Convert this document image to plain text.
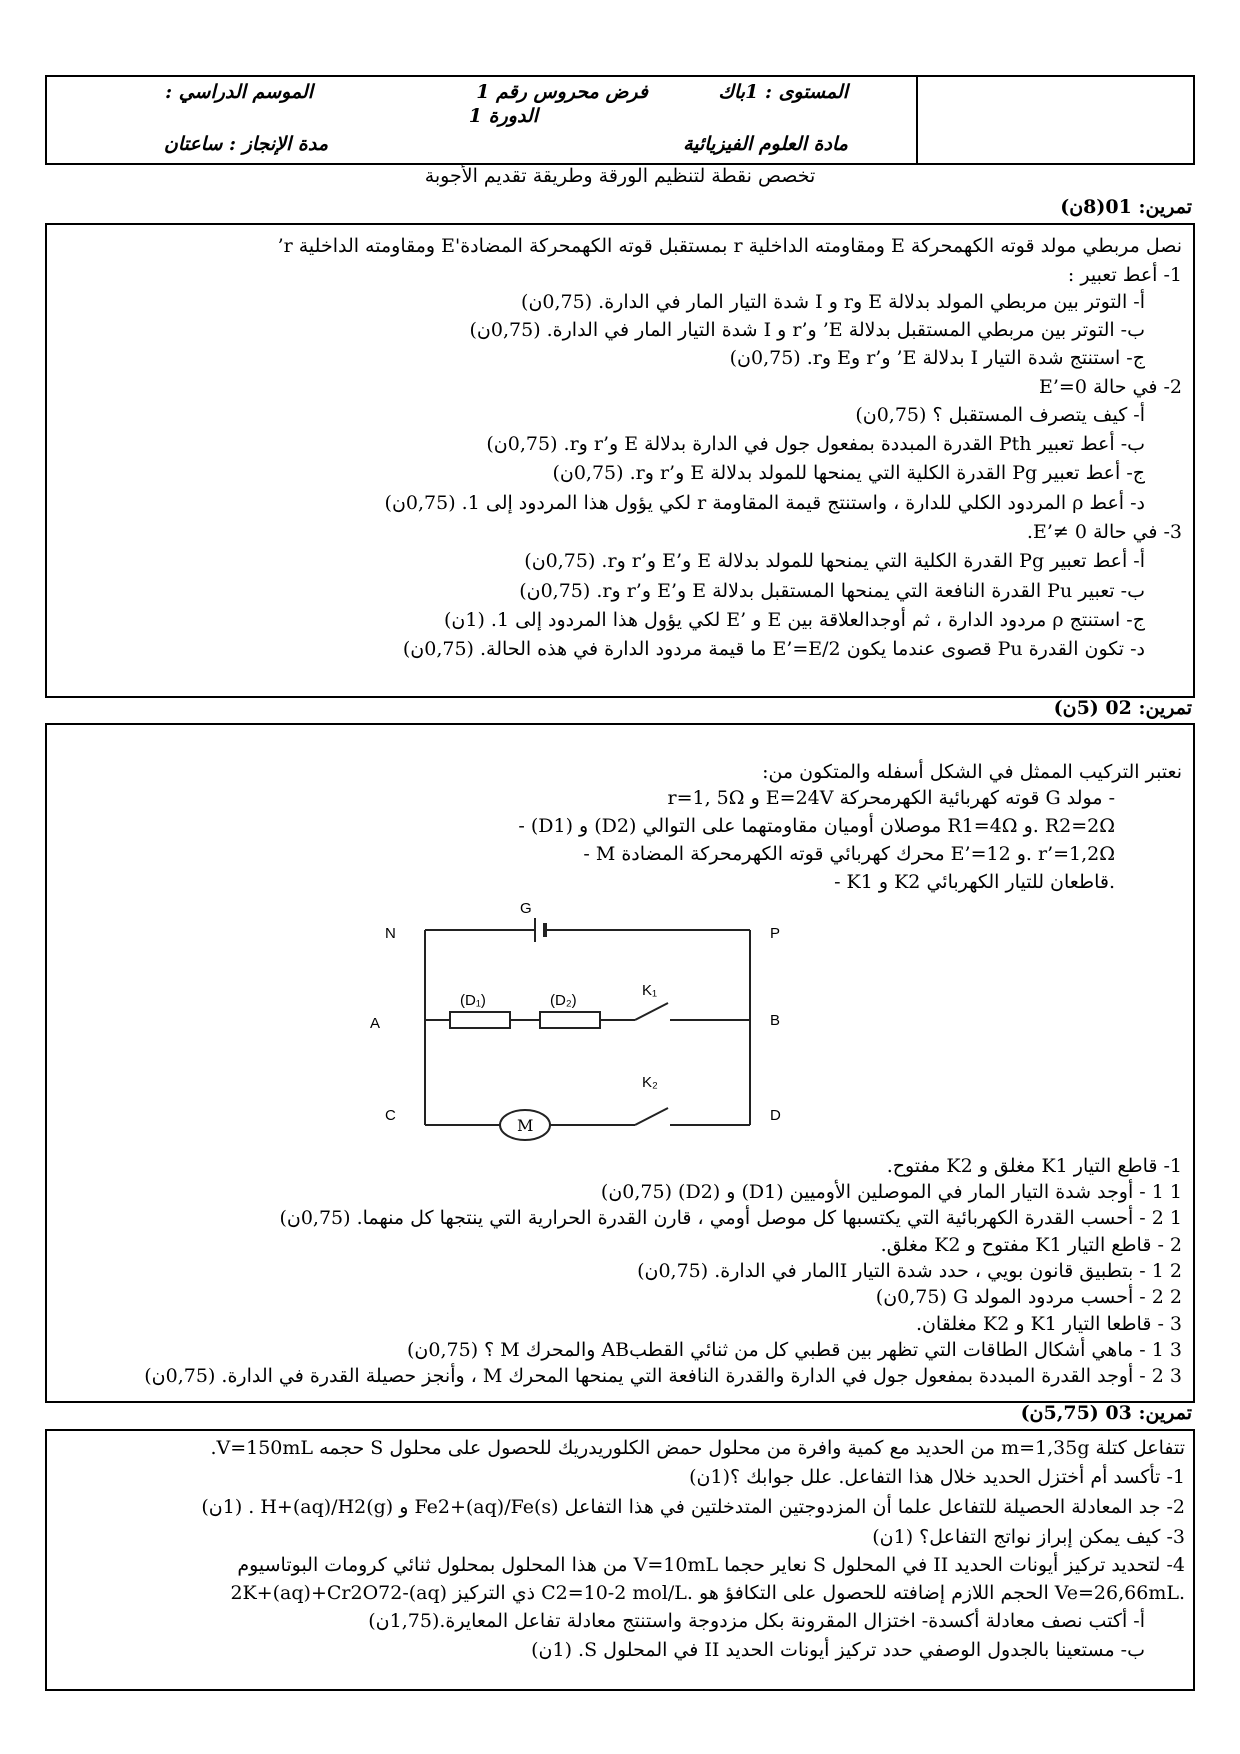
المستوى : 1باك
مادة العلوم الفيزيائية
فرض محروس رقم 1
الدورة 1
الموسم الدراسي :
مدة الإنجاز : ساعتان
تخصص نقطة لتنظيم الورقة وطريقة تقديم الأجوبة
تمرين: 01(8ن)
نصل مربطي مولد قوته الكهمحركة E ومقاومته الداخلية r بمستقبل قوته الكهمحركة المضادة'E ومقاومته الداخلية r’
1- أعط تعبير :
أ- التوتر بين مربطي المولد بدلالة E وr و I شدة التيار المار في الدارة. (0,75ن)
ب- التوتر بين مربطي المستقبل بدلالة E’ و’r و I شدة التيار المار في الدارة. (0,75ن)
ج- استنتج شدة التيار I بدلالة E’ و’r وE وr. (0,75ن)
2- في حالة E’=0
أ- كيف يتصرف المستقبل ؟ (0,75ن)
ب- أعط تعبير Pth القدرة المبددة بمفعول جول في الدارة بدلالة E و’r وr. (0,75ن)
ج- أعط تعبير Pg القدرة الكلية التي يمنحها للمولد بدلالة E و’r وr. (0,75ن)
د- أعط ρ المردود الكلي للدارة ، واستنتج قيمة المقاومة r لكي يؤول هذا المردود إلى 1. (0,75ن)
3- في حالة E’≠ 0.
أ- أعط تعبير Pg القدرة الكلية التي يمنحها للمولد بدلالة E و’E و’r وr. (0,75ن)
ب- تعبير Pu القدرة النافعة التي يمنحها المستقبل بدلالة E و’E و’r وr. (0,75ن)
ج- استنتج ρ مردود الدارة ، ثم أوجدالعلاقة بين E و ’E لكي يؤول هذا المردود إلى 1. (1ن)
د- تكون القدرة Pu قصوى عندما يكون E’=E/2 ما قيمة مردود الدارة في هذه الحالة. (0,75ن)
تمرين: 02 (5ن)
نعتبر التركيب الممثل في الشكل أسفله والمتكون من:
- مولد G قوته كهربائية الكهرمحركة E=24V و r=1, 5Ω
- (D1) و (D2) موصلان أوميان مقاومتهما على التوالي R1=4Ω و. R2=2Ω
- M محرك كهربائي قوته الكهرمحركة المضادة E’=12 و. r’=1,2Ω
- K1 و K2 قاطعان للتيار الكهربائي.
N	P
A	B
C	D
G
(D₁)	(D₂)
K₁
K₂
M
1- قاطع التيار K1 مغلق و K2 مفتوح.
1 1 - أوجد شدة التيار المار في الموصلين الأوميين (D1) و (D2) (0,75ن)
1 2 - أحسب القدرة الكهربائية التي يكتسبها كل موصل أومي ، قارن القدرة الحرارية التي ينتجها كل منهما. (0,75ن)
2 - قاطع التيار K1 مفتوح و K2 مغلق.
2 1 - بتطبيق قانون بويي ، حدد شدة التيار Iالمار في الدارة. (0,75ن)
2 2 - أحسب مردود المولد G (0,75ن)
3 - قاطعا التيار K1 و K2 مغلقان.
3 1 - ماهي أشكال الطاقات التي تظهر بين قطبي كل من ثنائي القطبAB والمحرك M ؟ (0,75ن)
3 2 - أوجد القدرة المبددة بمفعول جول في الدارة والقدرة النافعة التي يمنحها المحرك M ، وأنجز حصيلة القدرة في الدارة. (0,75ن)
تمرين: 03 (5,75ن)
تتفاعل كتلة m=1,35g من الحديد مع كمية وافرة من محلول حمض الكلوريدريك للحصول على محلول S حجمه V=150mL.
1- تأكسد أم أختزل الحديد خلال هذا التفاعل. علل جوابك ؟(1ن)
2- جد المعادلة الحصيلة للتفاعل علما أن المزدوجتين المتدخلتين في هذا التفاعل Fe2+(aq)/Fe(s) و H+(aq)/H2(g) . (1ن)
3- كيف يمكن إبراز نواتج التفاعل؟ (1ن)
4- لتحديد تركيز أيونات الحديد II في المحلول S نعاير حجما V=10mL من هذا المحلول بمحلول ثنائي كرومات البوتاسيوم
2K+(aq)+Cr2O72-(aq) ذي التركيز C2=10-2 mol/L. الحجم اللازم إضافته للحصول على التكافؤ هو Ve=26,66mL.
أ- أكتب نصف معادلة أكسدة- اختزال المقرونة بكل مزدوجة واستنتج معادلة تفاعل المعايرة.(1,75ن)
ب- مستعينا بالجدول الوصفي حدد تركيز أيونات الحديد II في المحلول S. (1ن)
